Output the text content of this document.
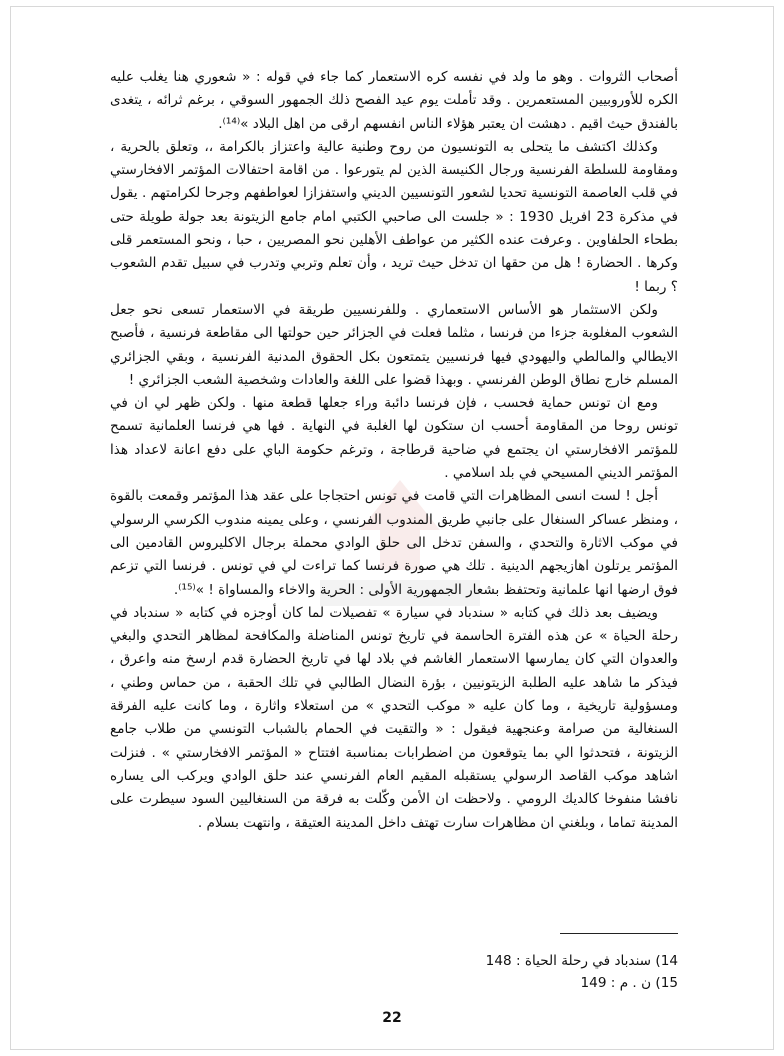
أصحاب الثروات . وهو ما ولد في نفسه كره الاستعمار كما جاء في قوله : « شعوري هنا يغلب عليه الكره للأوروبيين المستعمرين . وقد تأملت يوم عيد الفصح ذلك الجمهور السوقي ، برغم ثرائه ، يتغدى بالفندق حيث اقيم . دهشت ان يعتبر هؤلاء الناس انفسهم ارقى من اهل البلاد »⁽¹⁴⁾.

وكذلك اكتشف ما يتحلى به التونسيون من روح وطنية عالية واعتزاز بالكرامة ،، وتعلق بالحرية ، ومقاومة للسلطة الفرنسية ورجال الكنيسة الذين لم يتورعوا . من اقامة احتفالات المؤتمر الافخارستي في قلب العاصمة التونسية تحديا لشعور التونسيين الديني واستفزازا لعواطفهم وجرحا لكرامتهم . يقول في مذكرة 23 افريل 1930 : « جلست الى صاحبي الكتبي امام جامع الزيتونة بعد جولة طويلة حتى بطحاء الحلفاوين . وعرفت عنده الكثير من عواطف الأهلين نحو المصريين ، حبا ، ونحو المستعمر قلى وكرها . الحضارة ! هل من حقها ان تدخل حيث تريد ، وأن تعلم وتربي وتدرب في سبيل تقدم الشعوب ؟ ربما !

ولكن الاستثمار هو الأساس الاستعماري . وللفرنسيين طريقة في الاستعمار تسعى نحو جعل الشعوب المغلوبة جزءا من فرنسا ، مثلما فعلت في الجزائر حين حولتها الى مقاطعة فرنسية ، فأصبح الايطالي والمالطي واليهودي فيها فرنسيين يتمتعون بكل الحقوق المدنية الفرنسية ، وبقي الجزائري المسلم خارج نطاق الوطن الفرنسي . وبهذا قضوا على اللغة والعادات وشخصية الشعب الجزائري !

ومع ان تونس حماية فحسب ، فإن فرنسا دائبة وراء جعلها قطعة منها . ولكن ظهر لي ان في تونس روحا من المقاومة أحسب ان ستكون لها الغلبة في النهاية . فها هي فرنسا العلمانية تسمح للمؤتمر الافخارستي ان يجتمع في ضاحية قرطاجة ، وترغم حكومة الباي على دفع اعانة لاعداد هذا المؤتمر الديني المسيحي في بلد اسلامي .

أجل ! لست انسى المظاهرات التي قامت في تونس احتجاجا على عقد هذا المؤتمر وقمعت بالقوة ، ومنظر عساكر السنغال على جانبي طريق المندوب الفرنسي ، وعلى يمينه مندوب الكرسي الرسولي في موكب الاثارة والتحدي ، والسفن تدخل الى حلق الوادي محملة برجال الاكليروس القادمين الى المؤتمر يرتلون اهازيجهم الدينية . تلك هي صورة فرنسا كما تراءت لي في تونس . فرنسا التي تزعم فوق ارضها انها علمانية وتحتفظ بشعار الجمهورية الأولى : الحرية والاخاء والمساواة ! »⁽¹⁵⁾.

ويضيف بعد ذلك في كتابه « سندباد في سيارة » تفصيلات لما كان أوجزه في كتابه « سندباد في رحلة الحياة » عن هذه الفترة الحاسمة في تاريخ تونس المناضلة والمكافحة لمظاهر التحدي والبغي والعدوان التي كان يمارسها الاستعمار الغاشم في بلاد لها في تاريخ الحضارة قدم ارسخ منه واعرق ، فيذكر ما شاهد عليه الطلبة الزيتونيين ، بؤرة النضال الطالبي في تلك الحقبة ، من حماس وطني ، ومسؤولية تاريخية ، وما كان عليه « موكب التحدي » من استعلاء واثارة ، وما كانت عليه الفرقة السنغالية من صرامة وعنجهية فيقول : « والتقيت في الحمام بالشباب التونسي من طلاب جامع الزيتونة ، فتحدثوا الي بما يتوقعون من اضطرابات بمناسبة افتتاح « المؤتمر الافخارستي » . فنزلت اشاهد موكب القاصد الرسولي يستقبله المقيم العام الفرنسي عند حلق الوادي ويركب الى يساره نافشا منفوخا كالديك الرومي . ولاحظت ان الأمن وكّلت به فرقة من السنغاليين السود سيطرت على المدينة تماما ، وبلغني ان مظاهرات سارت تهتف داخل المدينة العتيقة ، وانتهت بسلام .

14) سندباد في رحلة الحياة : 148

15) ن . م : 149

22
